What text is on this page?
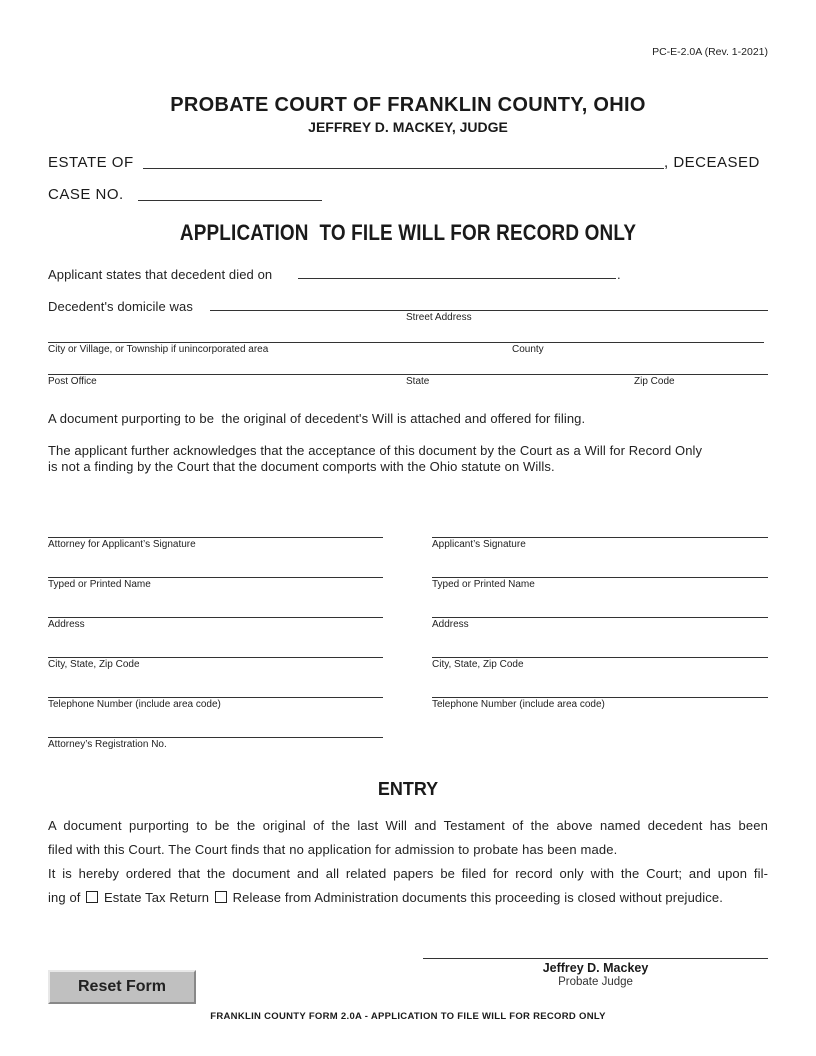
PC-E-2.0A (Rev. 1-2021)
PROBATE COURT OF FRANKLIN COUNTY, OHIO
JEFFREY D. MACKEY, JUDGE
ESTATE OF	, DECEASED
CASE NO.
APPLICATION  TO FILE WILL FOR RECORD ONLY
Applicant states that decedent died on	.
Decedent's domicile was
Street Address
City or Village, or Township if unincorporated area	County
Post Office	State	Zip Code
A document purporting to be  the original of decedent's Will is attached and offered for filing.
The applicant further acknowledges that the acceptance of this document by the Court as a Will for Record Only
is not a finding by the Court that the document comports with the Ohio statute on Wills.
Attorney for Applicant’s Signature
Typed or Printed Name
Address
City, State, Zip Code
Telephone Number (include area code)
Attorney’s Registration No.
Applicant’s Signature
Typed or Printed Name
Address
City, State, Zip Code
Telephone Number (include area code)
ENTRY
A document purporting to be the original of the last Will and Testament of the above named decedent has been
filed with this Court. The Court finds that no application for admission to probate has been made.
It is hereby ordered that the document and all related papers be filed for record only with the Court; and upon fil-
ing of Estate Tax Return Release from Administration documents this proceeding is closed without prejudice.
Jeffrey D. Mackey
Probate Judge
Reset Form
FRANKLIN COUNTY FORM 2.0A - APPLICATION TO FILE WILL FOR RECORD ONLY
